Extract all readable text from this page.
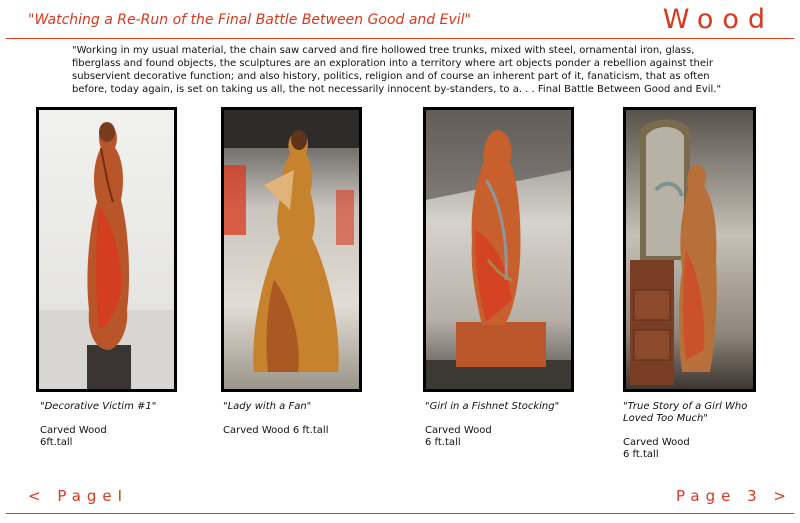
"Watching a Re-Run of the Final Battle Between Good and Evil"	Wood
"Working in my usual material, the chain saw carved and fire hollowed tree trunks, mixed with steel, ornamental iron, glass, fiberglass and found objects, the sculptures are an exploration into a territory where art objects ponder a rebellion against their subservient decorative function; and also history, politics, religion and of course an inherent part of it, fanaticism, that as often before, today again, is set on taking us all, the not necessarily innocent by-standers, to a. . . Final Battle Between Good and Evil."
"Decorative Victim #1"
Carved Wood
6ft.tall
"Lady with a Fan"
Carved Wood 6 ft.tall
"Girl in a Fishnet Stocking"
Carved Wood
6 ft.tall
"True Story of a Girl Who Loved Too Much"
Carved Wood
6 ft.tall
< PageI	Page 3 >
